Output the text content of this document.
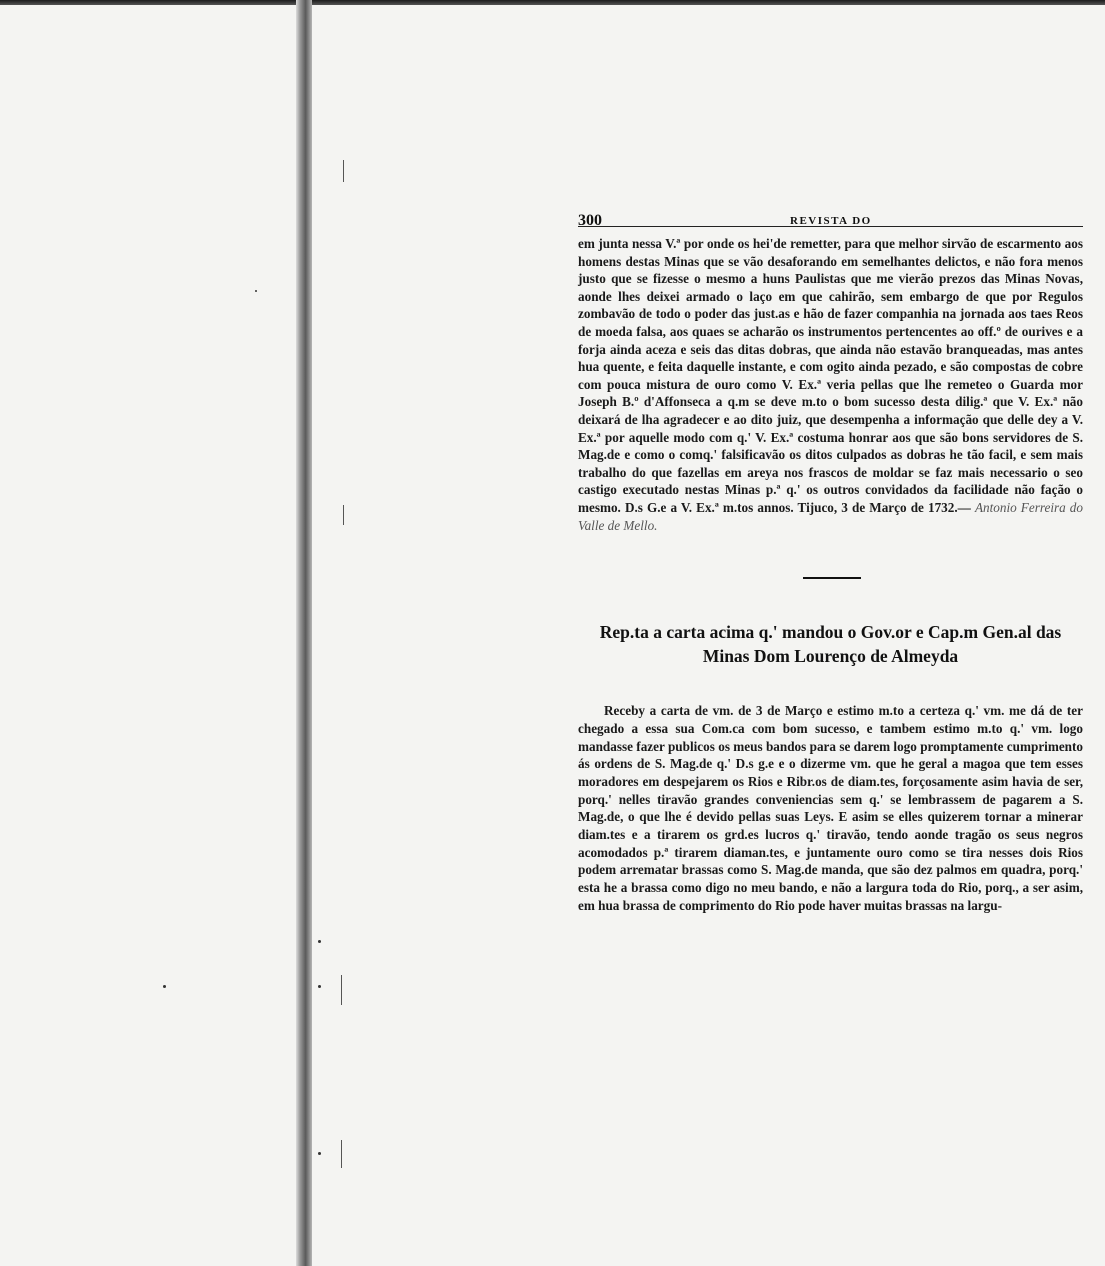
300	REVISTA DO

em junta nessa V.ª por onde os hei'de remetter, para que melhor sirvão de escarmento aos homens destas Minas que se vão desaforando em semelhantes delictos, e não fora menos justo que se fizesse o mesmo a huns Paulistas que me vierão prezos das Minas Novas, aonde lhes deixei armado o laço em que cahirão, sem embargo de que por Regulos zombavão de todo o poder das just.as e hão de fazer companhia na jornada aos taes Reos de moeda falsa, aos quaes se acharão os instrumentos pertencentes ao off.º de ourives e a forja ainda aceza e seis das ditas dobras, que ainda não estavão branqueadas, mas antes hua quente, e feita daquelle instante, e com ogito ainda pezado, e são compostas de cobre com pouca mistura de ouro como V. Ex.ª veria pellas que lhe remeteo o Guarda mor Joseph B.º d'Affonseca a q.m se deve m.to o bom sucesso desta dilig.ª que V. Ex.ª não deixará de lha agradecer e ao dito juiz, que desempenha a informação que delle dey a V. Ex.ª por aquelle modo com q.' V. Ex.ª costuma honrar aos que são bons servidores de S. Mag.de e como o comq.' falsificavão os ditos culpados as dobras he tão facil, e sem mais trabalho do que fazellas em areya nos frascos de moldar se faz mais necessario o seo castigo executado nestas Minas p.ª q.' os outros convidados da facilidade não fação o mesmo. D.s G.e a V. Ex.ª m.tos annos. Tijuco, 3 de Março de 1732.— Antonio Ferreira do Valle de Mello.

Rep.ta a carta acima q.' mandou o Gov.or e Cap.m Gen.al das Minas Dom Lourenço de Almeyda

Receby a carta de vm. de 3 de Março e estimo m.to a certeza q.' vm. me dá de ter chegado a essa sua Com.ca com bom sucesso, e tambem estimo m.to q.' vm. logo mandasse fazer publicos os meus bandos para se darem logo promptamente cumprimento ás ordens de S. Mag.de q.' D.s g.e e o dizerme vm. que he geral a magoa que tem esses moradores em despejarem os Rios e Ribr.os de diam.tes, forçosamente asim havia de ser, porq.' nelles tiravão grandes conveniencias sem q.' se lembrassem de pagarem a S. Mag.de, o que lhe é devido pellas suas Leys. E asim se elles quizerem tornar a minerar diam.tes e a tirarem os grd.es lucros q.' tiravão, tendo aonde tragão os seus negros acomodados p.ª tirarem diaman.tes, e juntamente ouro como se tira nesses dois Rios podem arrematar brassas como S. Mag.de manda, que são dez palmos em quadra, porq.' esta he a brassa como digo no meu bando, e não a largura toda do Rio, porq., a ser asim, em hua brassa de comprimento do Rio pode haver muitas brassas na largu-
